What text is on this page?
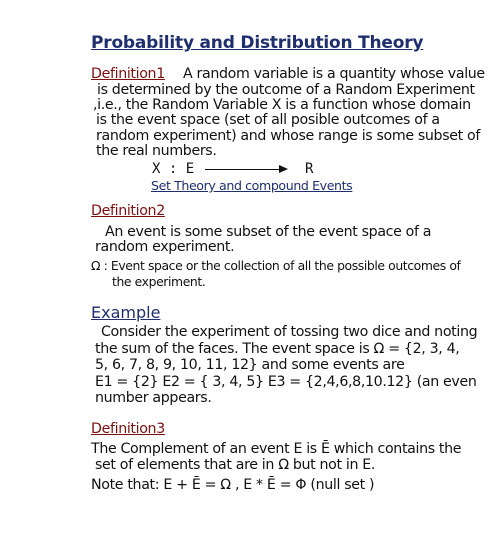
Probability and Distribution Theory
Definition1 A random variable is a quantity whose value
is determined by the outcome of a Random Experiment
,i.e., the Random Variable X is a function whose domain
is the event space (set of all posible outcomes of a
random experiment) and whose range is some subset of
the real numbers.
X : E	R
Set Theory and compound Events
Definition2
An event is some subset of the event space of a
random experiment.
Ω : Event space or the collection of all the possible outcomes of
the experiment.
Example
Consider the experiment of tossing two dice and noting
the sum of the faces. The event space is Ω = {2, 3, 4,
5, 6, 7, 8, 9, 10, 11, 12} and some events are
E1 = {2} E2 = { 3, 4, 5} E3 = {2,4,6,8,10.12} (an even
number appears.
Definition3
The Complement of an event E is Ē which contains the
set of elements that are in Ω but not in E.
Note that: E + Ē = Ω , E * Ē = Φ (null set )
